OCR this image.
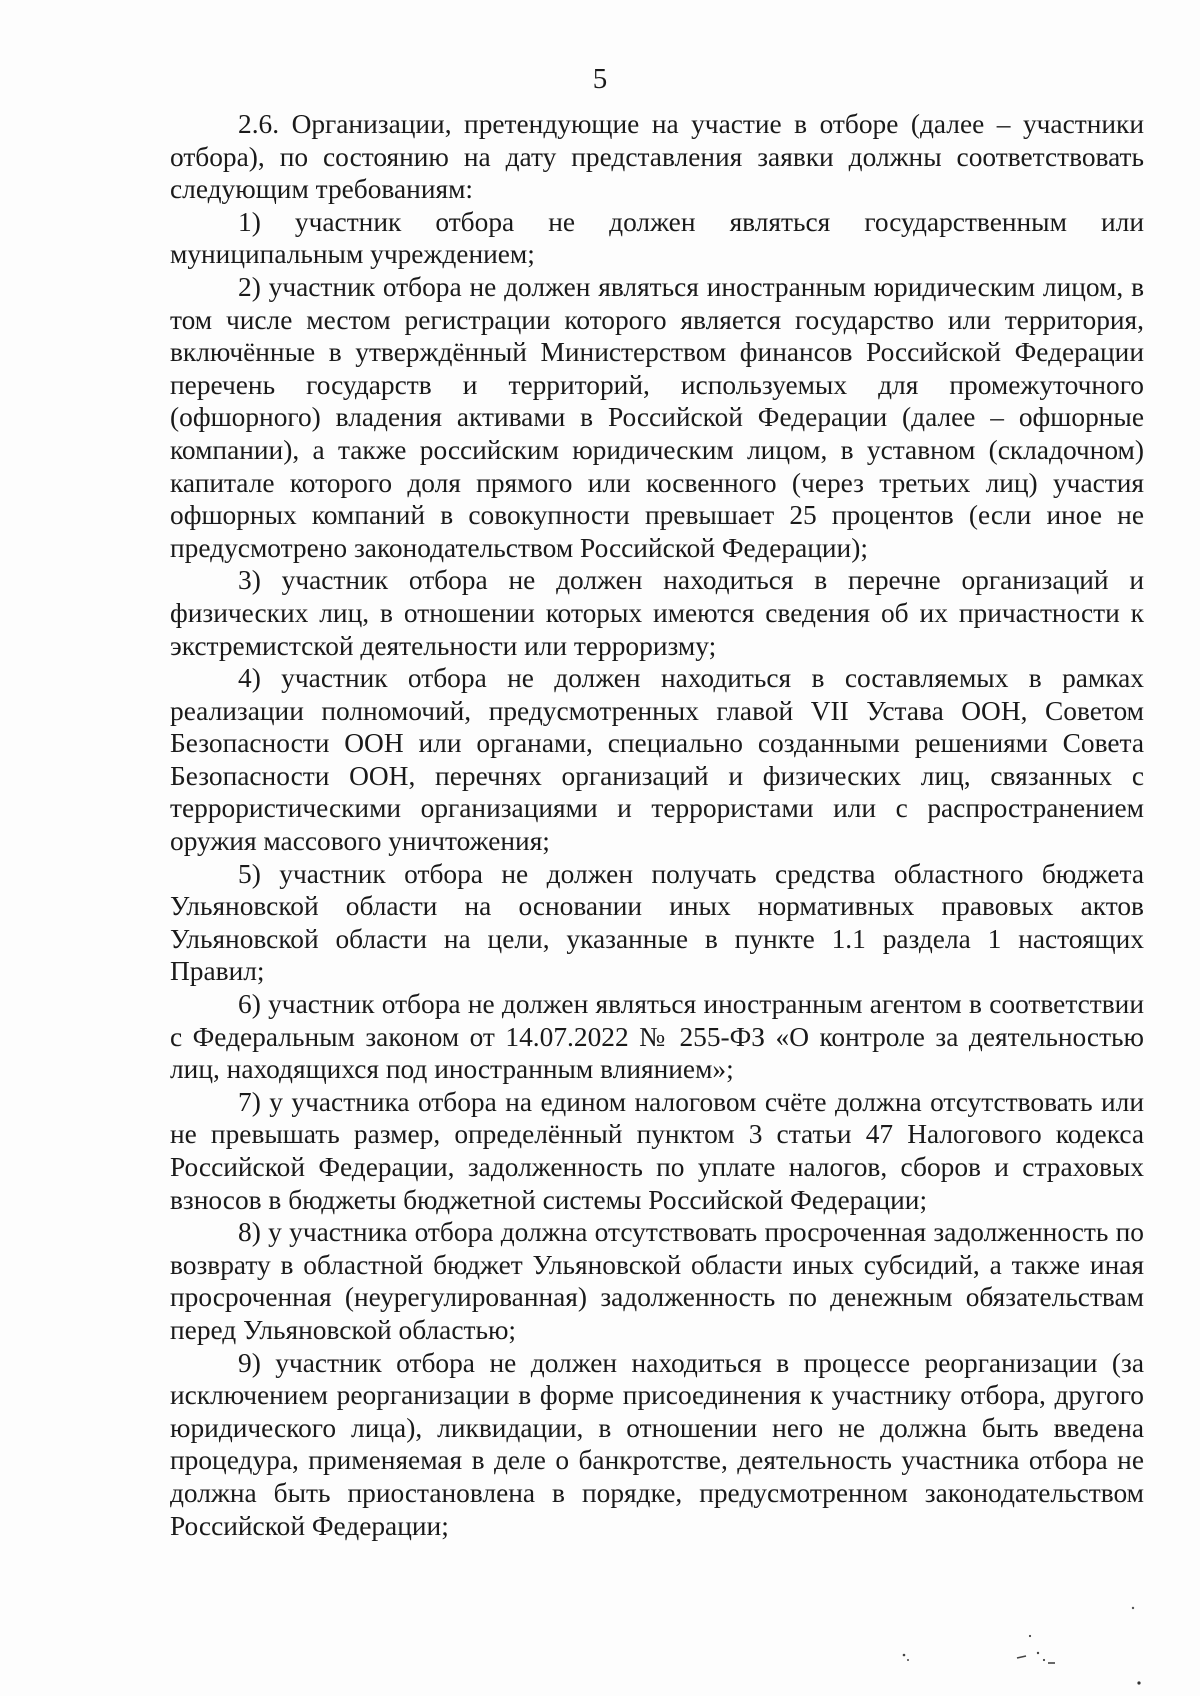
5

2.6. Организации, претендующие на участие в отборе (далее – участники отбора), по состоянию на дату представления заявки должны соответствовать следующим требованиям:

1) участник отбора не должен являться государственным или муниципальным учреждением;

2) участник отбора не должен являться иностранным юридическим лицом, в том числе местом регистрации которого является государство или территория, включённые в утверждённый Министерством финансов Российской Федерации перечень государств и территорий, используемых для промежуточного (офшорного) владения активами в Российской Федерации (далее – офшорные компании), а также российским юридическим лицом, в уставном (складочном) капитале которого доля прямого или косвенного (через третьих лиц) участия офшорных компаний в совокупности превышает 25 процентов (если иное не предусмотрено законодательством Российской Федерации);

3) участник отбора не должен находиться в перечне организаций и физических лиц, в отношении которых имеются сведения об их причастности к экстремистской деятельности или терроризму;

4) участник отбора не должен находиться в составляемых в рамках реализации полномочий, предусмотренных главой VII Устава ООН, Советом Безопасности ООН или органами, специально созданными решениями Совета Безопасности ООН, перечнях организаций и физических лиц, связанных с террористическими организациями и террористами или с распространением оружия массового уничтожения;

5) участник отбора не должен получать средства областного бюджета Ульяновской области на основании иных нормативных правовых актов Ульяновской области на цели, указанные в пункте 1.1 раздела 1 настоящих Правил;

6) участник отбора не должен являться иностранным агентом в соответствии с Федеральным законом от 14.07.2022 № 255-ФЗ «О контроле за деятельностью лиц, находящихся под иностранным влиянием»;

7) у участника отбора на едином налоговом счёте должна отсутствовать или не превышать размер, определённый пунктом 3 статьи 47 Налогового кодекса Российской Федерации, задолженность по уплате налогов, сборов и страховых взносов в бюджеты бюджетной системы Российской Федерации;

8) у участника отбора должна отсутствовать просроченная задолженность по возврату в областной бюджет Ульяновской области иных субсидий, а также иная просроченная (неурегулированная) задолженность по денежным обязательствам перед Ульяновской областью;

9) участник отбора не должен находиться в процессе реорганизации (за исключением реорганизации в форме присоединения к участнику отбора, другого юридического лица), ликвидации, в отношении него не должна быть введена процедура, применяемая в деле о банкротстве, деятельность участника отбора не должна быть приостановлена в порядке, предусмотренном законодательством Российской Федерации;
